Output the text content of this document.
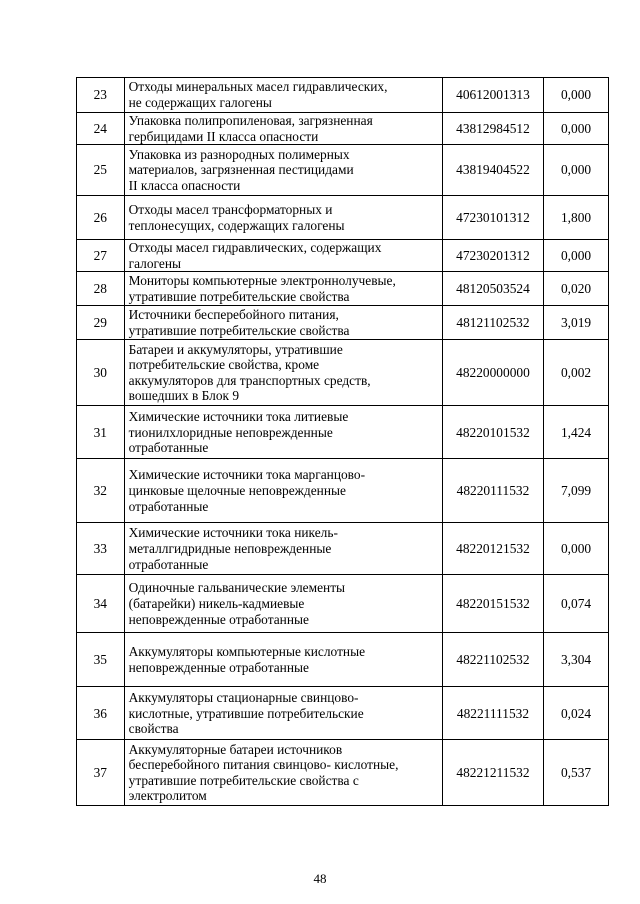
23	Отходы минеральных масел гидравлических,
не содержащих галогены	40612001313	0,000
24	Упаковка полипропиленовая, загрязненная
гербицидами II класса опасности	43812984512	0,000
25	Упаковка из разнородных полимерных
материалов, загрязненная пестицидами
II класса опасности	43819404522	0,000
26	Отходы масел трансформаторных и
теплонесущих, содержащих галогены	47230101312	1,800
27	Отходы масел гидравлических, содержащих
галогены	47230201312	0,000
28	Мониторы компьютерные электроннолучевые,
утратившие потребительские свойства	48120503524	0,020
29	Источники бесперебойного питания,
утратившие потребительские свойства	48121102532	3,019
30	Батареи и аккумуляторы, утратившие
потребительские свойства, кроме
аккумуляторов для транспортных средств,
вошедших в Блок 9	48220000000	0,002
31	Химические источники тока литиевые
тионилхлоридные неповрежденные
отработанные	48220101532	1,424
32	Химические источники тока марганцово-
цинковые щелочные неповрежденные
отработанные	48220111532	7,099
33	Химические источники тока никель-
металлгидридные неповрежденные
отработанные	48220121532	0,000
34	Одиночные гальванические элементы
(батарейки) никель-кадмиевые
неповрежденные отработанные	48220151532	0,074
35	Аккумуляторы компьютерные кислотные
неповрежденные отработанные	48221102532	3,304
36	Аккумуляторы стационарные свинцово-
кислотные, утратившие потребительские
свойства	48221111532	0,024
37	Аккумуляторные батареи источников
бесперебойного питания свинцово- кислотные,
утратившие потребительские свойства с
электролитом	48221211532	0,537
48
